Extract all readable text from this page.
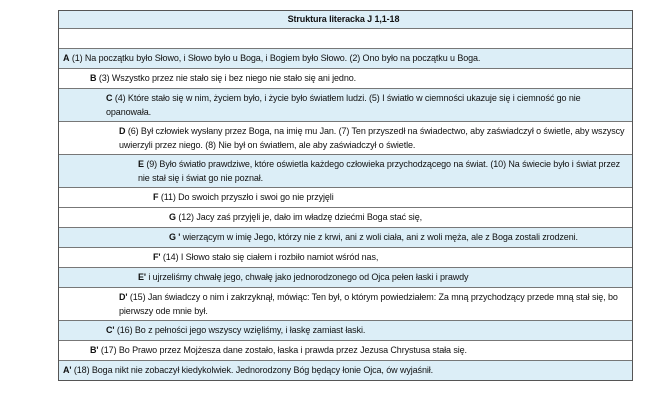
Struktura literacka J 1,1-18
A (1) Na początku było Słowo, i Słowo było u Boga, i Bogiem było Słowo. (2) Ono było na początku u Boga.
B (3) Wszystko przez nie stało się i bez niego nie stało się ani jedno.
C (4) Które stało się w nim, życiem było, i życie było światłem ludzi. (5) I światło w ciemności ukazuje się i ciemność go nie opanowała.
D (6) Był człowiek wysłany przez Boga, na imię mu Jan. (7) Ten przyszedł na świadectwo, aby zaświadczył o świetle, aby wszyscy uwierzyli przez niego. (8) Nie był on światłem, ale aby zaświadczył o świetle.
E (9) Było światło prawdziwe, które oświetla każdego człowieka przychodzącego na świat. (10) Na świecie było i świat przez nie stał się i świat go nie poznał.
F (11) Do swoich przyszło i swoi go nie przyjęli
G (12) Jacy zaś przyjęli je, dało im władzę dziećmi Boga stać się,
G ' wierzącym w imię Jego, którzy nie z krwi, ani z woli ciała, ani z woli męża, ale z Boga zostali zrodzeni.
F' (14) I Słowo stało się ciałem i rozbiło namiot wśród nas,
E' i ujrzeliśmy chwałę jego, chwałę jako jednorodzonego od Ojca pełen łaski i prawdy
D' (15) Jan świadczy o nim i zakrzyknął, mówiąc: Ten był, o którym powiedziałem: Za mną przychodzący przede mną stał się, bo pierwszy ode mnie był.
C' (16) Bo z pełności jego wszyscy wzięliśmy, i łaskę zamiast łaski.
B' (17) Bo Prawo przez Mojżesza dane zostało, łaska i prawda przez Jezusa Chrystusa stała się.
A' (18) Boga nikt nie zobaczył kiedykolwiek. Jednorodzony Bóg będący łonie Ojca, ów wyjaśnił.
